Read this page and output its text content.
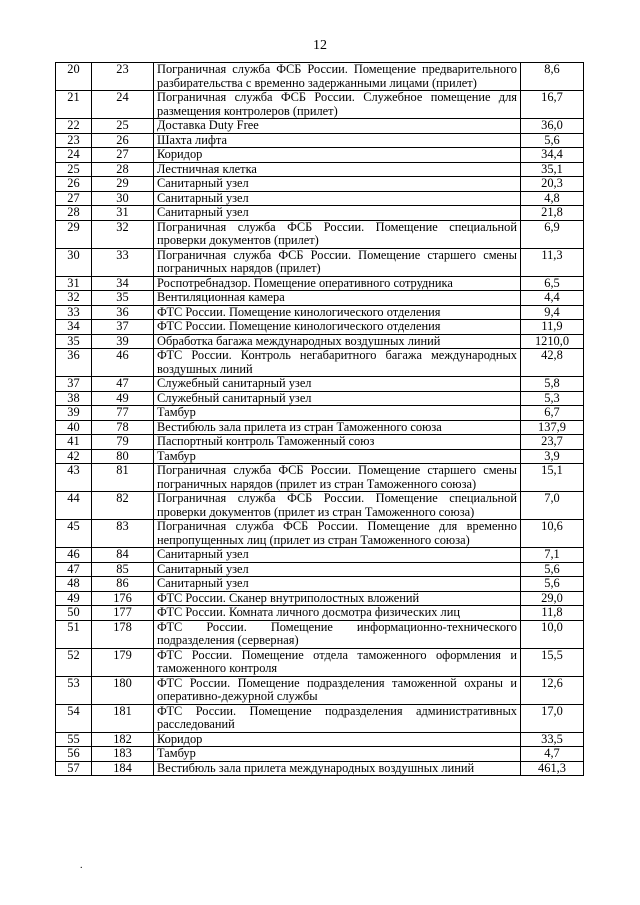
12
20	23	Пограничная служба ФСБ России. Помещение предварительного разбирательства с временно задержанными лицами (прилет)	8,6
21	24	Пограничная служба ФСБ России. Служебное помещение для размещения контролеров (прилет)	16,7
22	25	Доставка Duty Free	36,0
23	26	Шахта лифта	5,6
24	27	Коридор	34,4
25	28	Лестничная клетка	35,1
26	29	Санитарный узел	20,3
27	30	Санитарный узел	4,8
28	31	Санитарный узел	21,8
29	32	Пограничная служба ФСБ России. Помещение специальной проверки документов (прилет)	6,9
30	33	Пограничная служба ФСБ России. Помещение старшего смены пограничных нарядов (прилет)	11,3
31	34	Роспотребнадзор. Помещение оперативного сотрудника	6,5
32	35	Вентиляционная камера	4,4
33	36	ФТС России. Помещение кинологического отделения	9,4
34	37	ФТС России. Помещение кинологического отделения	11,9
35	39	Обработка багажа международных воздушных линий	1210,0
36	46	ФТС России. Контроль негабаритного багажа международных воздушных линий	42,8
37	47	Служебный санитарный узел	5,8
38	49	Служебный санитарный узел	5,3
39	77	Тамбур	6,7
40	78	Вестибюль зала прилета из стран Таможенного союза	137,9
41	79	Паспортный контроль Таможенный союз	23,7
42	80	Тамбур	3,9
43	81	Пограничная служба ФСБ России. Помещение старшего смены пограничных нарядов (прилет из стран Таможенного союза)	15,1
44	82	Пограничная служба ФСБ России. Помещение специальной проверки документов (прилет из стран Таможенного союза)	7,0
45	83	Пограничная служба ФСБ России. Помещение для временно непропущенных лиц (прилет из стран Таможенного союза)	10,6
46	84	Санитарный узел	7,1
47	85	Санитарный узел	5,6
48	86	Санитарный узел	5,6
49	176	ФТС России. Сканер внутриполостных вложений	29,0
50	177	ФТС России. Комната личного досмотра физических лиц	11,8
51	178	ФТС России. Помещение информационно-технического подразделения (серверная)	10,0
52	179	ФТС России. Помещение отдела таможенного оформления и таможенного контроля	15,5
53	180	ФТС России. Помещение подразделения таможенной охраны и оперативно-дежурной службы	12,6
54	181	ФТС России. Помещение подразделения административных расследований	17,0
55	182	Коридор	33,5
56	183	Тамбур	4,7
57	184	Вестибюль зала прилета международных воздушных линий	461,3
.
